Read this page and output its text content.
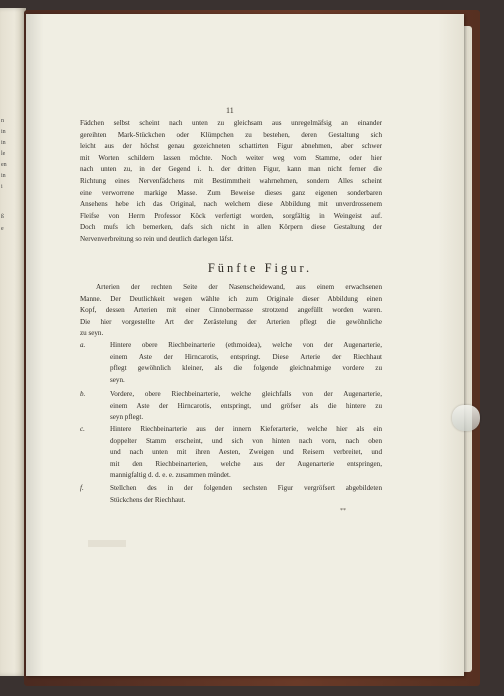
n
in
in
le
en
in
i
ß
e
11
Fädchen selbst scheint nach unten zu gleichsam aus unregelmäfsig an einander
gereihten Mark-Stückchen oder Klümpchen zu bestehen, deren Gestaltung sich
leicht aus der höchst genau gezeichneten schattirten Figur abnehmen, aber schwer
mit Worten schildern lassen möchte. Noch weiter weg vom Stamme, oder hier
nach unten zu, in der Gegend i. h. der dritten Figur, kann man nicht ferner die
Richtung eines Nervenfädchens mit Bestimmtheit wahrnehmen, sondern Alles scheint
eine verworrene markige Masse. Zum Beweise dieses ganz eigenen sonderbaren
Ansehens hebe ich das Original, nach welchem diese Abbildung mit unverdrossenem
Fleifse von Herrn Professor Köck verfertigt worden, sorgfältig in Weingeist auf.
Doch mufs ich bemerken, dafs sich nicht in allen Körpern diese Gestaltung der
Nervenverbreitung so rein und deutlich darlegen läfst.
Fünfte Figur.
Arterien der rechten Seite der Nasenscheidewand, aus einem erwachsenen
Manne. Der Deutlichkeit wegen wählte ich zum Originale dieser Abbildung einen
Kopf, dessen Arterien mit einer Cinnobermasse strotzend angefüllt worden waren.
Die hier vorgestellte Art der Zerästelung der Arterien pflegt die gewöhnliche
zu seyn.
a.	Hintere obere Riechbeinarterie (ethmoidea), welche von der Augenarterie,
einem Aste der Hirncarotis, entspringt. Diese Arterie der Riechhaut
pflegt gewöhnlich kleiner, als die folgende gleichnahmige vordere zu
seyn.
b.	Vordere, obere Riechbeinarterie, welche gleichfalls von der Augenarterie,
einem Aste der Hirncarotis, entspringt, und gröfser als die hintere zu
seyn pflegt.
c.	Hintere Riechbeinarterie aus der innern Kieferarterie, welche hier als ein
doppelter Stamm erscheint, und sich von hinten nach vorn, nach oben
und nach unten mit ihren Aesten, Zweigen und Reisern verbreitet, und
mit den Riechbeinarterien, welche aus der Augenarterie entspringen,
mannigfaltig d. d. e. e. zusammen mündet.
f.	Stellchen des in der folgenden sechsten Figur vergröfsert abgebildeten
Stückchens der Riechhaut.
**
